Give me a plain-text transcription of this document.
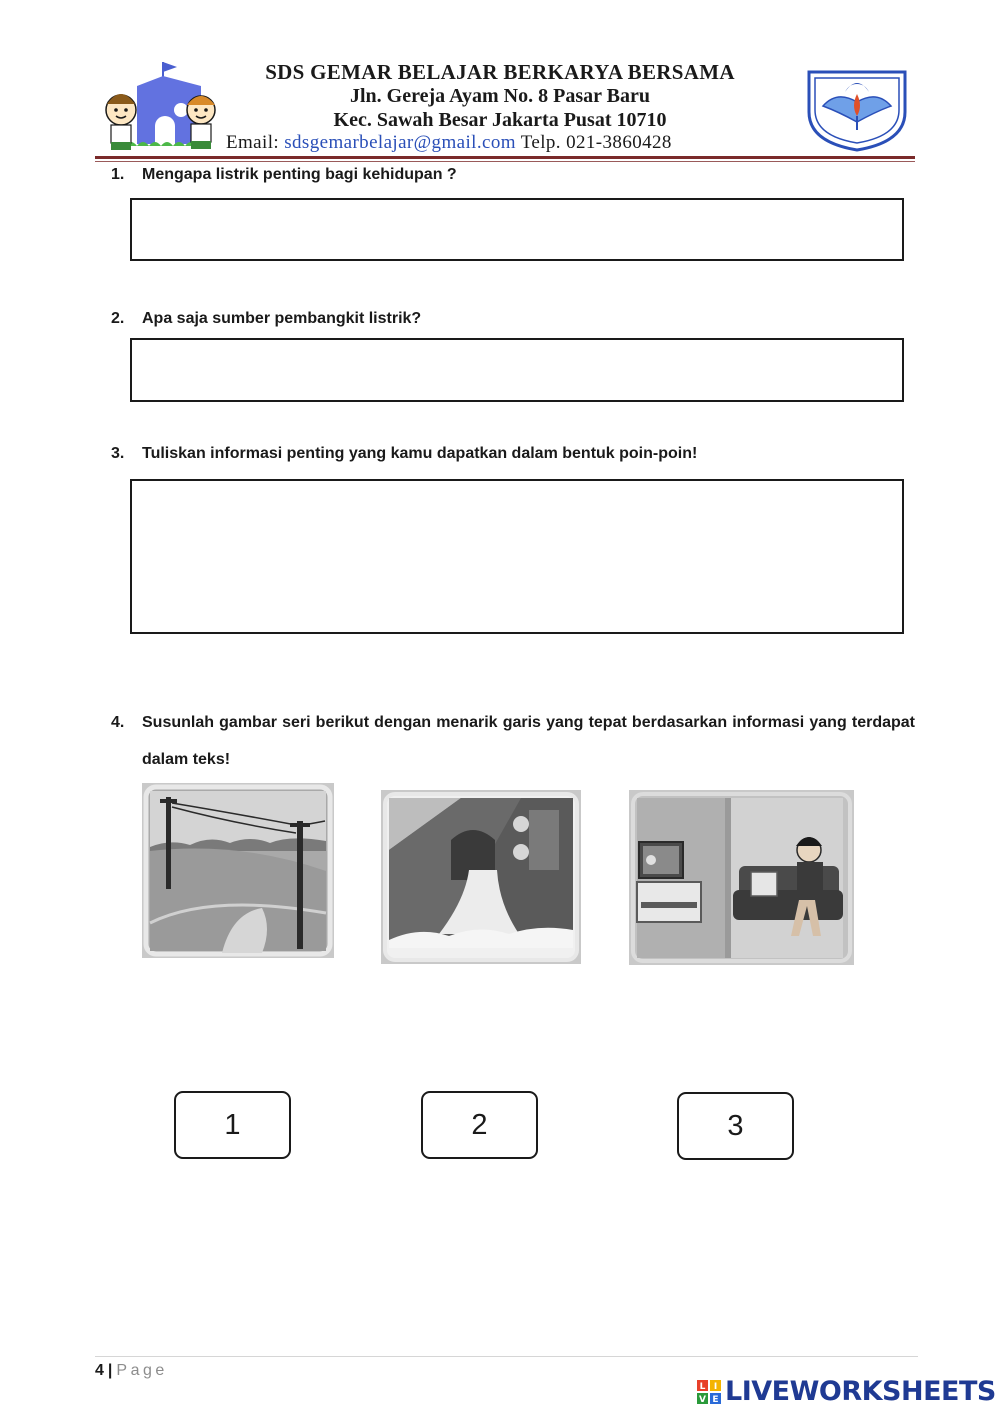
SDS GEMAR BELAJAR BERKARYA BERSAMA
Jln. Gereja Ayam No. 8 Pasar Baru
Kec. Sawah Besar Jakarta Pusat 10710
Email: sdsgemarbelajar@gmail.com Telp. 021-3860428
1. Mengapa listrik penting bagi kehidupan ?
2. Apa saja sumber pembangkit listrik?
3. Tuliskan informasi penting yang kamu dapatkan dalam bentuk poin-poin!
4. Susunlah gambar seri berikut dengan menarik garis yang tepat berdasarkan informasi yang terdapat dalam teks!
1	2	3
4 | Page
L I
V E LIVEWORKSHEETS
